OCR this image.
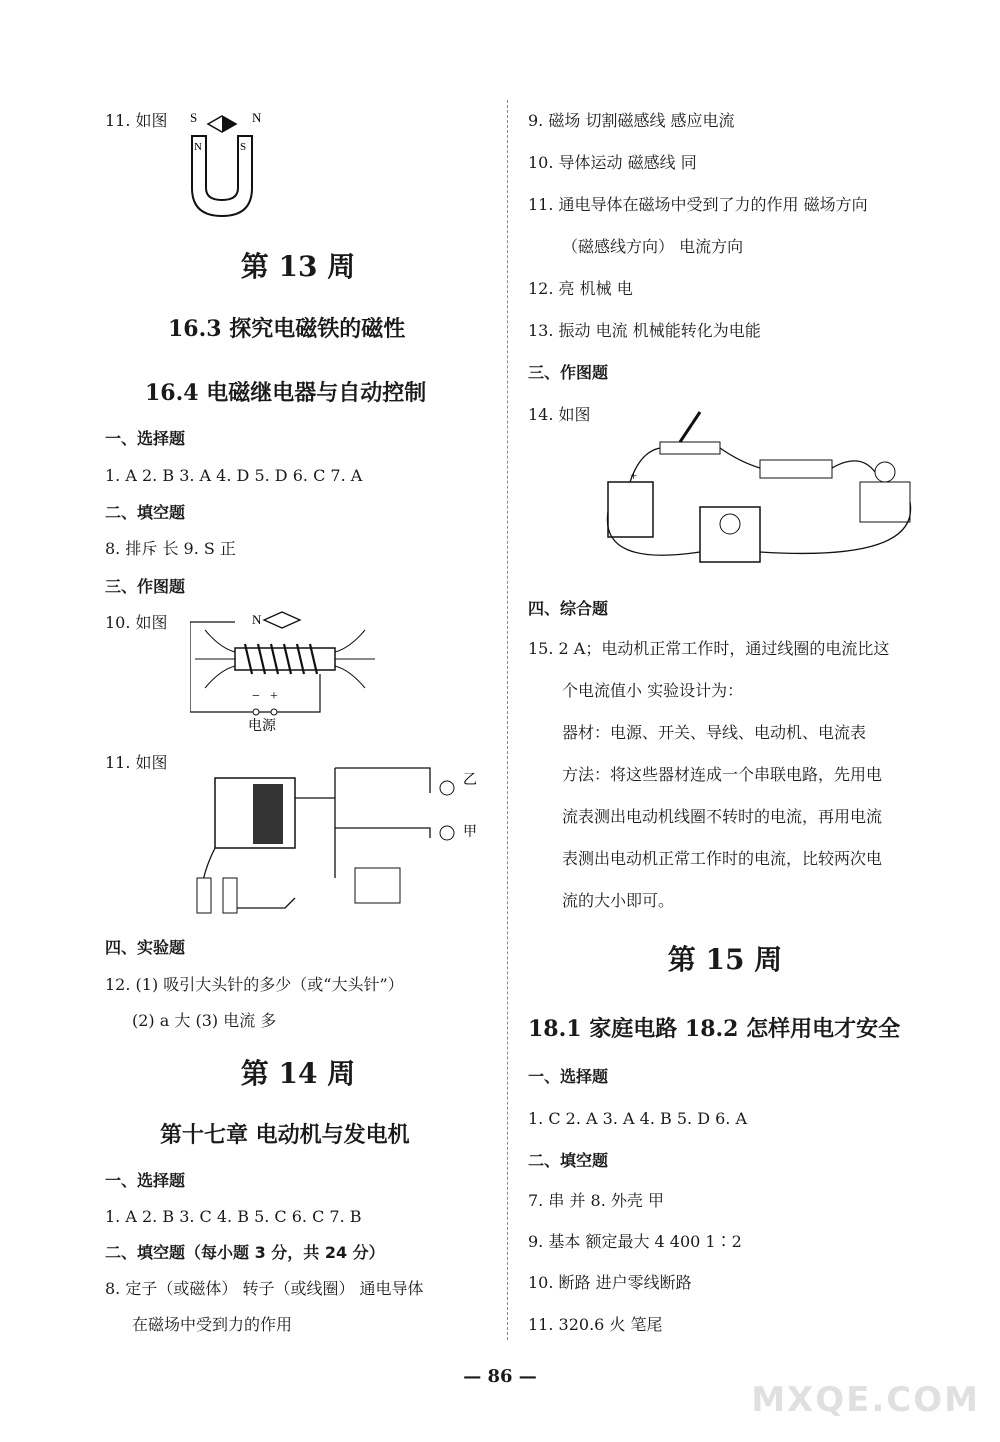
11. 如图 S	N
N	S
第 13 周
16.3 探究电磁铁的磁性
16.4 电磁继电器与自动控制
一、选择题
1. A 2. B 3. A 4. D 5. D 6. C 7. A
二、填空题
8. 排斥 长 9. S 正
三、作图题
10. 如图	N
− +
电源
11. 如图
乙
甲
四、实验题
12. (1) 吸引大头针的多少（或“大头针”）
(2) a 大 (3) 电流 多
第 14 周
第十七章 电动机与发电机
一、选择题
1. A 2. B 3. C 4. B 5. C 6. C 7. B
二、填空题（每小题 3 分，共 24 分）
8. 定子（或磁体） 转子（或线圈） 通电导体
在磁场中受到力的作用
9. 磁场 切割磁感线 感应电流
10. 导体运动 磁感线 同
11. 通电导体在磁场中受到了力的作用 磁场方向
（磁感线方向） 电流方向
12. 亮 机械 电
13. 振动 电流 机械能转化为电能
三、作图题
14. 如图
+
四、综合题
15. 2 A；电动机正常工作时，通过线圈的电流比这
个电流值小 实验设计为：
器材：电源、开关、导线、电动机、电流表
方法：将这些器材连成一个串联电路，先用电
流表测出电动机线圈不转时的电流，再用电流
表测出电动机正常工作时的电流，比较两次电
流的大小即可。
第 15 周
18.1 家庭电路 18.2 怎样用电才安全
一、选择题
1. C 2. A 3. A 4. B 5. D 6. A
二、填空题
7. 串 并 8. 外壳 甲
9. 基本 额定最大 4 400 1∶2
10. 断路 进户零线断路
11. 320.6 火 笔尾
— 86 —
MXQE.COM
